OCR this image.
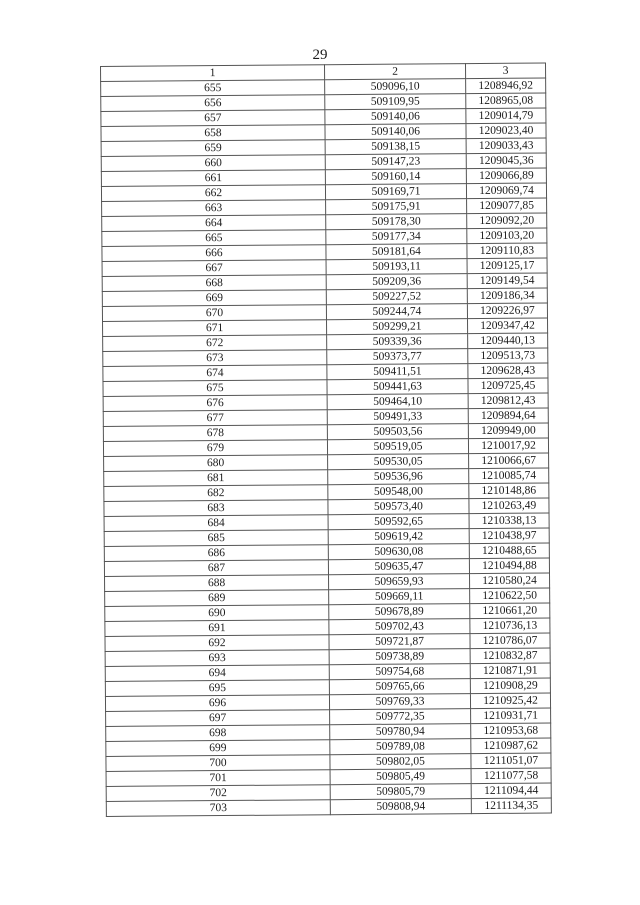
29
1	2	3
655	509096,10	1208946,92
656	509109,95	1208965,08
657	509140,06	1209014,79
658	509140,06	1209023,40
659	509138,15	1209033,43
660	509147,23	1209045,36
661	509160,14	1209066,89
662	509169,71	1209069,74
663	509175,91	1209077,85
664	509178,30	1209092,20
665	509177,34	1209103,20
666	509181,64	1209110,83
667	509193,11	1209125,17
668	509209,36	1209149,54
669	509227,52	1209186,34
670	509244,74	1209226,97
671	509299,21	1209347,42
672	509339,36	1209440,13
673	509373,77	1209513,73
674	509411,51	1209628,43
675	509441,63	1209725,45
676	509464,10	1209812,43
677	509491,33	1209894,64
678	509503,56	1209949,00
679	509519,05	1210017,92
680	509530,05	1210066,67
681	509536,96	1210085,74
682	509548,00	1210148,86
683	509573,40	1210263,49
684	509592,65	1210338,13
685	509619,42	1210438,97
686	509630,08	1210488,65
687	509635,47	1210494,88
688	509659,93	1210580,24
689	509669,11	1210622,50
690	509678,89	1210661,20
691	509702,43	1210736,13
692	509721,87	1210786,07
693	509738,89	1210832,87
694	509754,68	1210871,91
695	509765,66	1210908,29
696	509769,33	1210925,42
697	509772,35	1210931,71
698	509780,94	1210953,68
699	509789,08	1210987,62
700	509802,05	1211051,07
701	509805,49	1211077,58
702	509805,79	1211094,44
703	509808,94	1211134,35
